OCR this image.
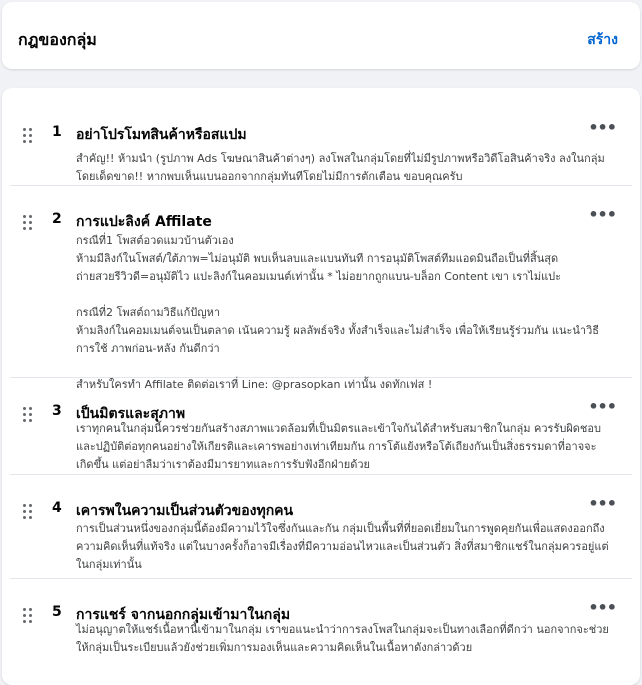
กฎของกลุ่ม	สร้าง
1 อย่าโปรโมทสินค้าหรือสแปม	•••
สำคัญ!! ห้ามนำ (รูปภาพ Ads โฆษณาสินค้าต่างๆ) ลงโพสในกลุ่มโดยที่ไม่มีรูปภาพหรือวิดีโอสินค้าจริง ลงในกลุ่มโดยเด็ดขาด!! หากพบเห็นแบนออกจากกลุ่มทันทีโดยไม่มีการตักเตือน ขอบคุณครับ
2 การแปะลิงค์ Affilate	•••
กรณีที่1 โพสต์อวดแมวบ้านตัวเอง
ห้ามมีลิงก์ในโพสต์/ใต้ภาพ=ไม่อนุมัติ พบเห็นลบและแบนทันที การอนุมัติโพสต์ทีมแอดมินถือเป็นที่สิ้นสุด
ถ่ายสวยรีวิวดี=อนุมัติไว แปะลิงก์ในคอมเมนต์เท่านั้น * ไม่อยากถูกแบน-บล็อก Content เขา เราไม่แปะ

กรณีที่2 โพสต์ถามวิธีแก้ปัญหา
ห้ามลิงก์ในคอมเมนต์จนเป็นตลาด เน้นความรู้ ผลลัพธ์จริง ทั้งสำเร็จและไม่สำเร็จ เพื่อให้เรียนรู้ร่วมกัน แนะนำวิธีการใช้ ภาพก่อน-หลัง กันดีกว่า

สำหรับใครทำ Affilate ติดต่อเราที่ Line: @prasopkan เท่านั้น งดทักเฟส !
3 เป็นมิตรและสุภาพ	•••
เราทุกคนในกลุ่มนี้ควรช่วยกันสร้างสภาพแวดล้อมที่เป็นมิตรและเข้าใจกันได้สำหรับสมาชิกในกลุ่ม ควรรับผิดชอบและปฏิบัติต่อทุกคนอย่างให้เกียรติและเคารพอย่างเท่าเทียมกัน การโต้แย้งหรือโต้เถียงกันเป็นสิ่งธรรมดาที่อาจจะเกิดขึ้น แต่อย่าลืมว่าเราต้องมีมารยาทและการรับฟังอีกฝ่ายด้วย
4 เคารพในความเป็นส่วนตัวของทุกคน	•••
การเป็นส่วนหนึ่งของกลุ่มนี้ต้องมีความไว้ใจซึ่งกันและกัน กลุ่มเป็นพื้นที่ที่ยอดเยี่ยมในการพูดคุยกันเพื่อแสดงออกถึงความคิดเห็นที่แท้จริง แต่ในบางครั้งก็อาจมีเรื่องที่มีความอ่อนไหวและเป็นส่วนตัว สิ่งที่สมาชิกแชร์ในกลุ่มควรอยู่แต่ในกลุ่มเท่านั้น
5 การแชร์ จากนอกกลุ่มเข้ามาในกลุ่ม	•••
ไม่อนุญาตให้แชร์เนื้อหานี้เข้ามาในกลุ่ม เราขอแนะนำว่าการลงโพสในกลุ่มจะเป็นทางเลือกที่ดีกว่า นอกจากจะช่วยให้กลุ่มเป็นระเบียบแล้วยังช่วยเพิ่มการมองเห็นและความคิดเห็นในเนื้อหาดังกล่าวด้วย
